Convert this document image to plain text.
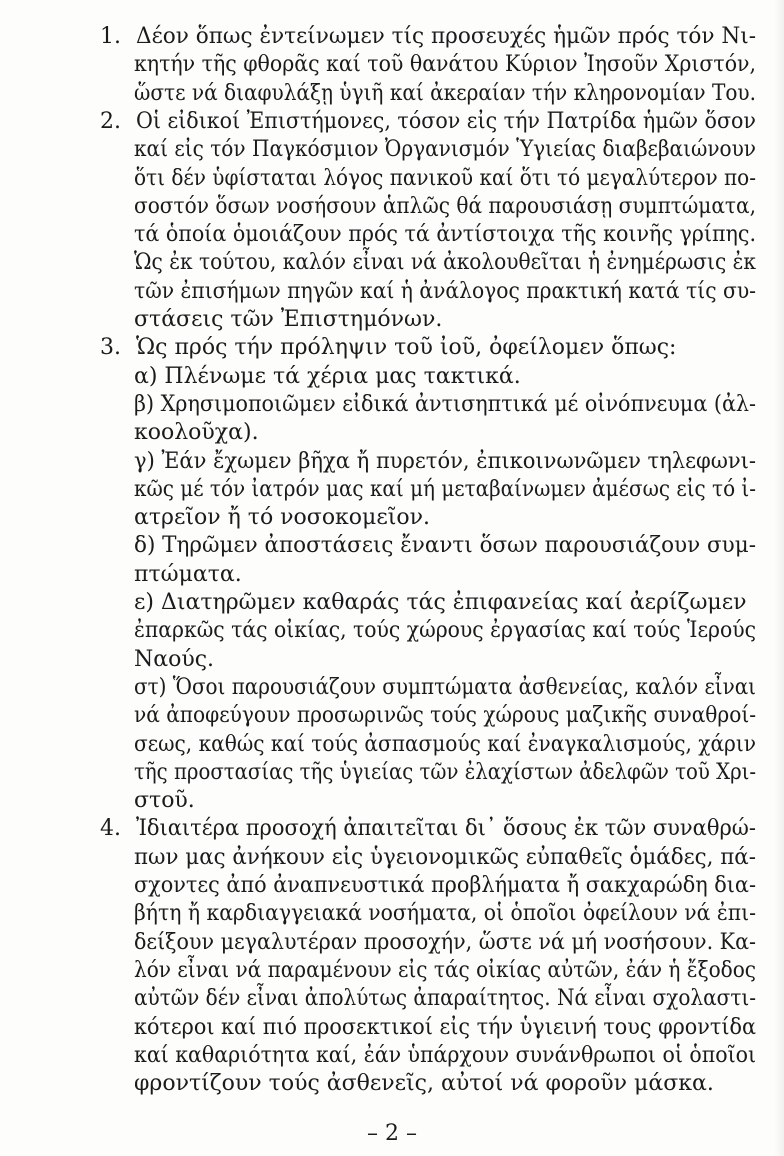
1. Δέον ὅπως ἐντείνωμεν τίς προσευχές ἡμῶν πρός τόν Νι-
κητήν τῆς φθορᾶς καί τοῦ θανάτου Κύριον Ἰησοῦν Χριστόν,
ὥστε νά διαφυλάξῃ ὑγιῆ καί ἀκεραίαν τήν κληρονομίαν Του.
2. Οἱ εἰδικοί Ἐπιστήμονες, τόσον εἰς τήν Πατρίδα ἡμῶν ὅσον
καί εἰς τόν Παγκόσμιον Ὀργανισμόν Ὑγιείας διαβεβαιώνουν
ὅτι δέν ὑφίσταται λόγος πανικοῦ καί ὅτι τό μεγαλύτερον πο-
σοστόν ὅσων νοσήσουν ἁπλῶς θά παρουσιάσῃ συμπτώματα,
τά ὁποία ὁμοιάζουν πρός τά ἀντίστοιχα τῆς κοινῆς γρίπης.
Ὡς ἐκ τούτου, καλόν εἶναι νά ἀκολουθεῖται ἡ ἐνημέρωσις ἐκ
τῶν ἐπισήμων πηγῶν καί ἡ ἀνάλογος πρακτική κατά τίς συ-
στάσεις τῶν Ἐπιστημόνων.
3. Ὡς πρός τήν πρόληψιν τοῦ ἰοῦ, ὀφείλομεν ὅπως:
α) Πλένωμε τά χέρια μας τακτικά.
β) Χρησιμοποιῶμεν εἰδικά ἀντισηπτικά μέ οἰνόπνευμα (ἀλ-
κοολοῦχα).
γ) Ἐάν ἔχωμεν βῆχα ἤ πυρετόν, ἐπικοινωνῶμεν τηλεφωνι-
κῶς μέ τόν ἰατρόν μας καί μή μεταβαίνωμεν ἀμέσως εἰς τό ἰ-
ατρεῖον ἤ τό νοσοκομεῖον.
δ) Τηρῶμεν ἀποστάσεις ἔναντι ὅσων παρουσιάζουν συμ-
πτώματα.
ε) Διατηρῶμεν καθαράς τάς ἐπιφανείας καί ἀερίζωμεν
ἐπαρκῶς τάς οἰκίας, τούς χώρους ἐργασίας καί τούς Ἱερούς
Ναούς.
στ) Ὅσοι παρουσιάζουν συμπτώματα ἀσθενείας, καλόν εἶναι
νά ἀποφεύγουν προσωρινῶς τούς χώρους μαζικῆς συναθροί-
σεως, καθώς καί τούς ἀσπασμούς καί ἐναγκαλισμούς, χάριν
τῆς προστασίας τῆς ὑγιείας τῶν ἐλαχίστων ἀδελφῶν τοῦ Χρι-
στοῦ.
4. Ἰδιαιτέρα προσοχή ἀπαιτεῖται δι᾽ ὅσους ἐκ τῶν συναθρώ-
πων μας ἀνήκουν εἰς ὑγειονομικῶς εὐπαθεῖς ὁμάδες, πά-
σχοντες ἀπό ἀναπνευστικά προβλήματα ἤ σακχαρώδη δια-
βήτη ἤ καρδιαγγειακά νοσήματα, οἱ ὁποῖοι ὀφείλουν νά ἐπι-
δείξουν μεγαλυτέραν προσοχήν, ὥστε νά μή νοσήσουν. Κα-
λόν εἶναι νά παραμένουν εἰς τάς οἰκίας αὐτῶν, ἐάν ἡ ἔξοδος
αὐτῶν δέν εἶναι ἀπολύτως ἀπαραίτητος. Νά εἶναι σχολαστι-
κότεροι καί πιό προσεκτικοί εἰς τήν ὑγιεινή τους φροντίδα
καί καθαριότητα καί, ἐάν ὑπάρχουν συνάνθρωποι οἱ ὁποῖοι
φροντίζουν τούς ἀσθενεῖς, αὐτοί νά φοροῦν μάσκα.
– 2 –
